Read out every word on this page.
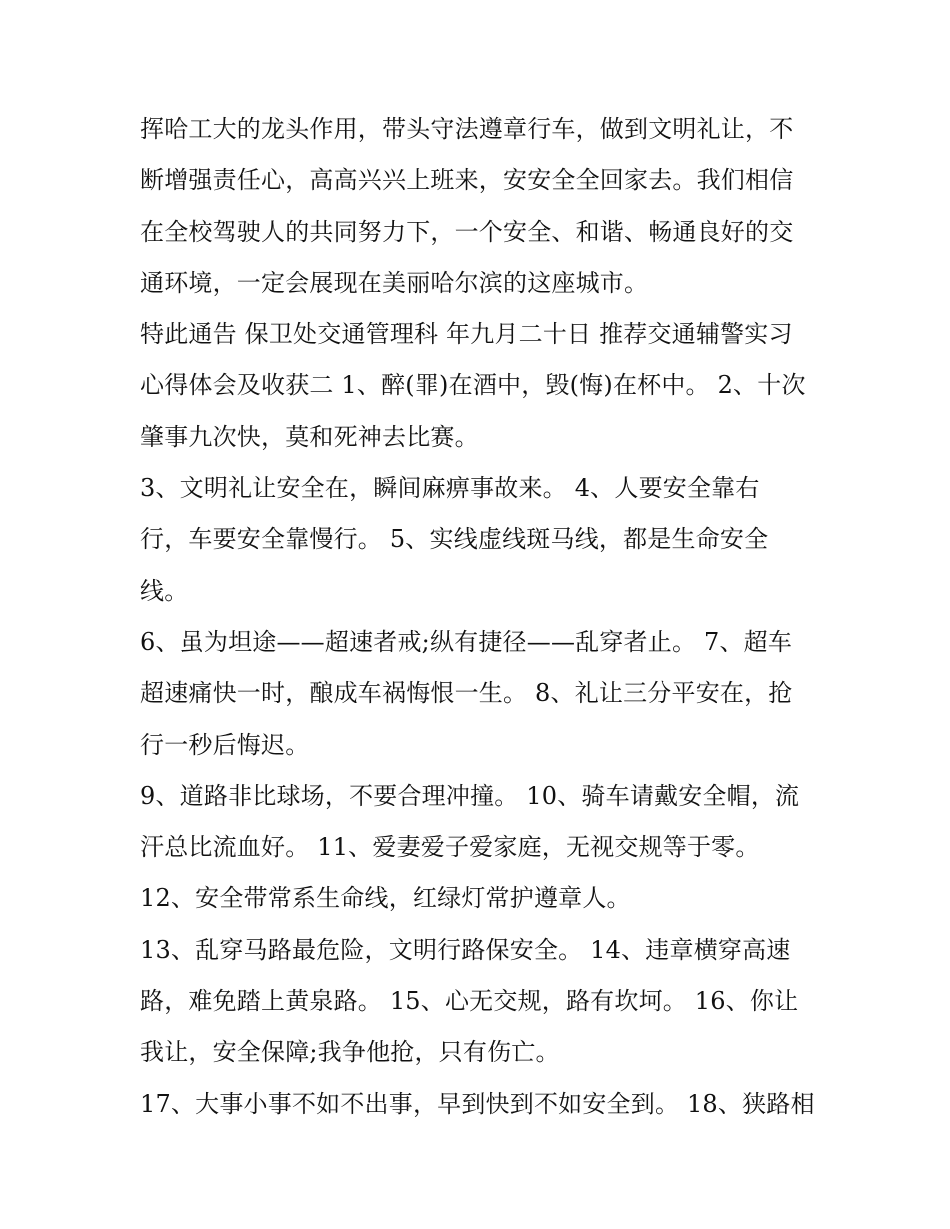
挥哈工大的龙头作用，带头守法遵章行车，做到文明礼让，不
断增强责任心，高高兴兴上班来，安安全全回家去。我们相信
在全校驾驶人的共同努力下，一个安全、和谐、畅通良好的交
通环境，一定会展现在美丽哈尔滨的这座城市。
特此通告 保卫处交通管理科 年九月二十日 推荐交通辅警实习
心得体会及收获二 1、醉(罪)在酒中，毁(悔)在杯中。 2、十次
肇事九次快，莫和死神去比赛。
3、文明礼让安全在，瞬间麻痹事故来。 4、人要安全靠右
行，车要安全靠慢行。 5、实线虚线斑马线，都是生命安全
线。
6、虽为坦途——超速者戒;纵有捷径——乱穿者止。 7、超车
超速痛快一时，酿成车祸悔恨一生。 8、礼让三分平安在，抢
行一秒后悔迟。
9、道路非比球场，不要合理冲撞。 10、骑车请戴安全帽，流
汗总比流血好。 11、爱妻爱子爱家庭，无视交规等于零。
12、安全带常系生命线，红绿灯常护遵章人。
13、乱穿马路最危险，文明行路保安全。 14、违章横穿高速
路，难免踏上黄泉路。 15、心无交规，路有坎坷。 16、你让
我让，安全保障;我争他抢，只有伤亡。
17、大事小事不如不出事，早到快到不如安全到。 18、狭路相
